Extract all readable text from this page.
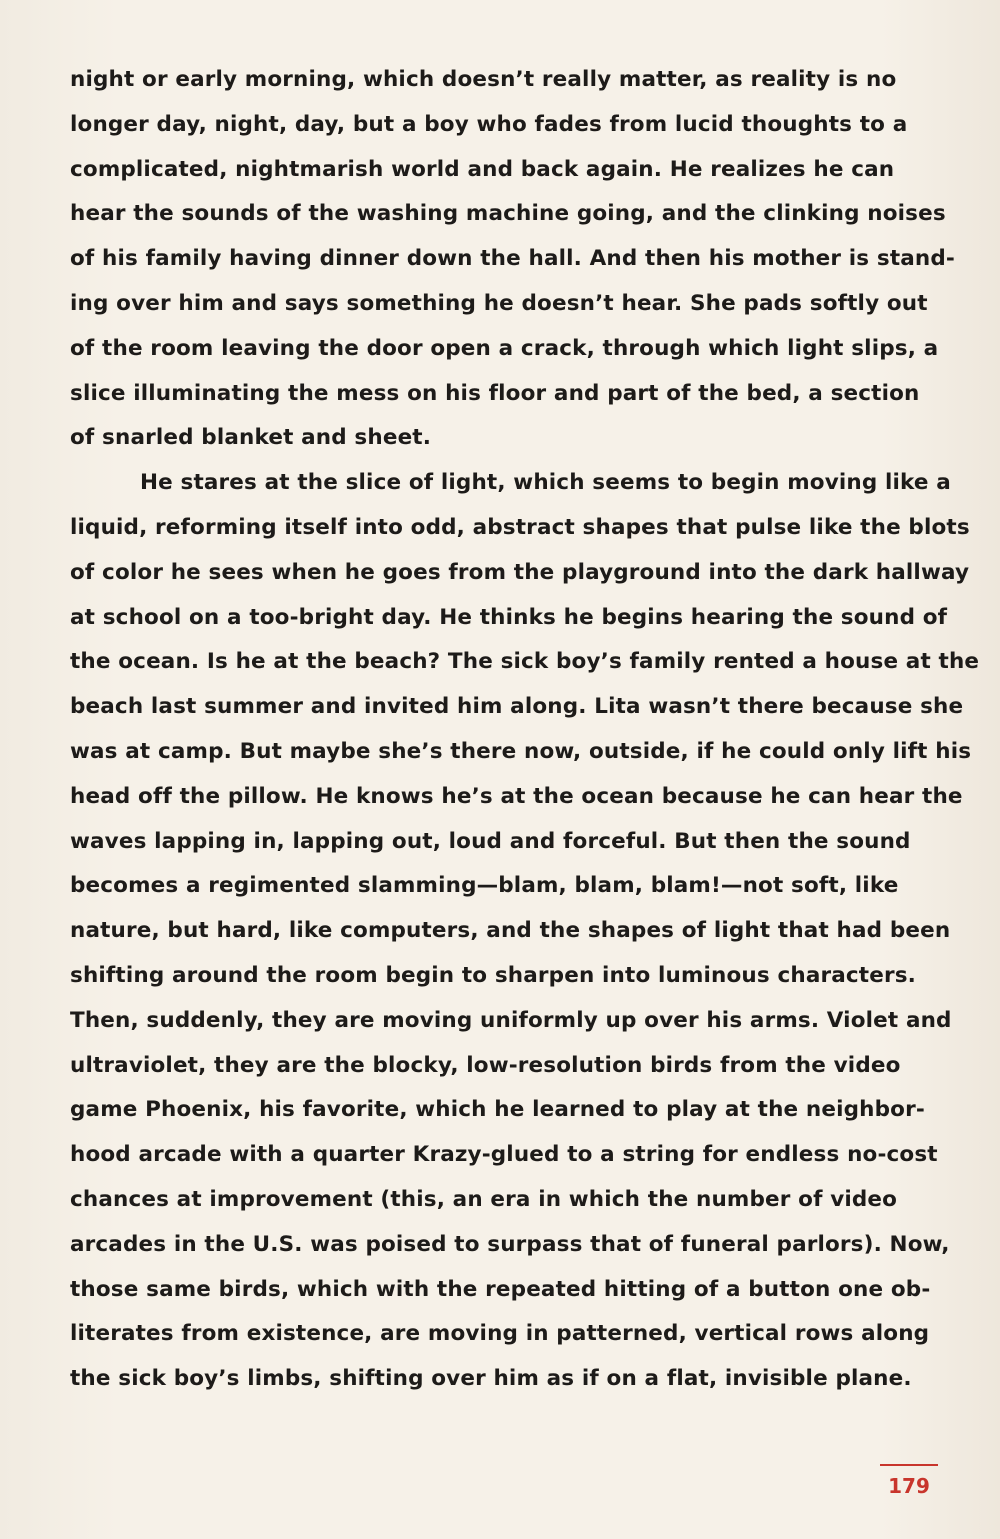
night or early morning, which doesn’t really matter, as reality is no
longer day, night, day, but a boy who fades from lucid thoughts to a
complicated, nightmarish world and back again. He realizes he can
hear the sounds of the washing machine going, and the clinking noises
of his family having dinner down the hall. And then his mother is stand-
ing over him and says something he doesn’t hear. She pads softly out
of the room leaving the door open a crack, through which light slips, a
slice illuminating the mess on his floor and part of the bed, a section
of snarled blanket and sheet.
He stares at the slice of light, which seems to begin moving like a
liquid, reforming itself into odd, abstract shapes that pulse like the blots
of color he sees when he goes from the playground into the dark hallway
at school on a too-bright day. He thinks he begins hearing the sound of
the ocean. Is he at the beach? The sick boy’s family rented a house at the
beach last summer and invited him along. Lita wasn’t there because she
was at camp. But maybe she’s there now, outside, if he could only lift his
head off the pillow. He knows he’s at the ocean because he can hear the
waves lapping in, lapping out, loud and forceful. But then the sound
becomes a regimented slamming—blam, blam, blam!—not soft, like
nature, but hard, like computers, and the shapes of light that had been
shifting around the room begin to sharpen into luminous characters.
Then, suddenly, they are moving uniformly up over his arms. Violet and
ultraviolet, they are the blocky, low-resolution birds from the video
game Phoenix, his favorite, which he learned to play at the neighbor-
hood arcade with a quarter Krazy-glued to a string for endless no-cost
chances at improvement (this, an era in which the number of video
arcades in the U.S. was poised to surpass that of funeral parlors). Now,
those same birds, which with the repeated hitting of a button one ob-
literates from existence, are moving in patterned, vertical rows along
the sick boy’s limbs, shifting over him as if on a flat, invisible plane.
179
